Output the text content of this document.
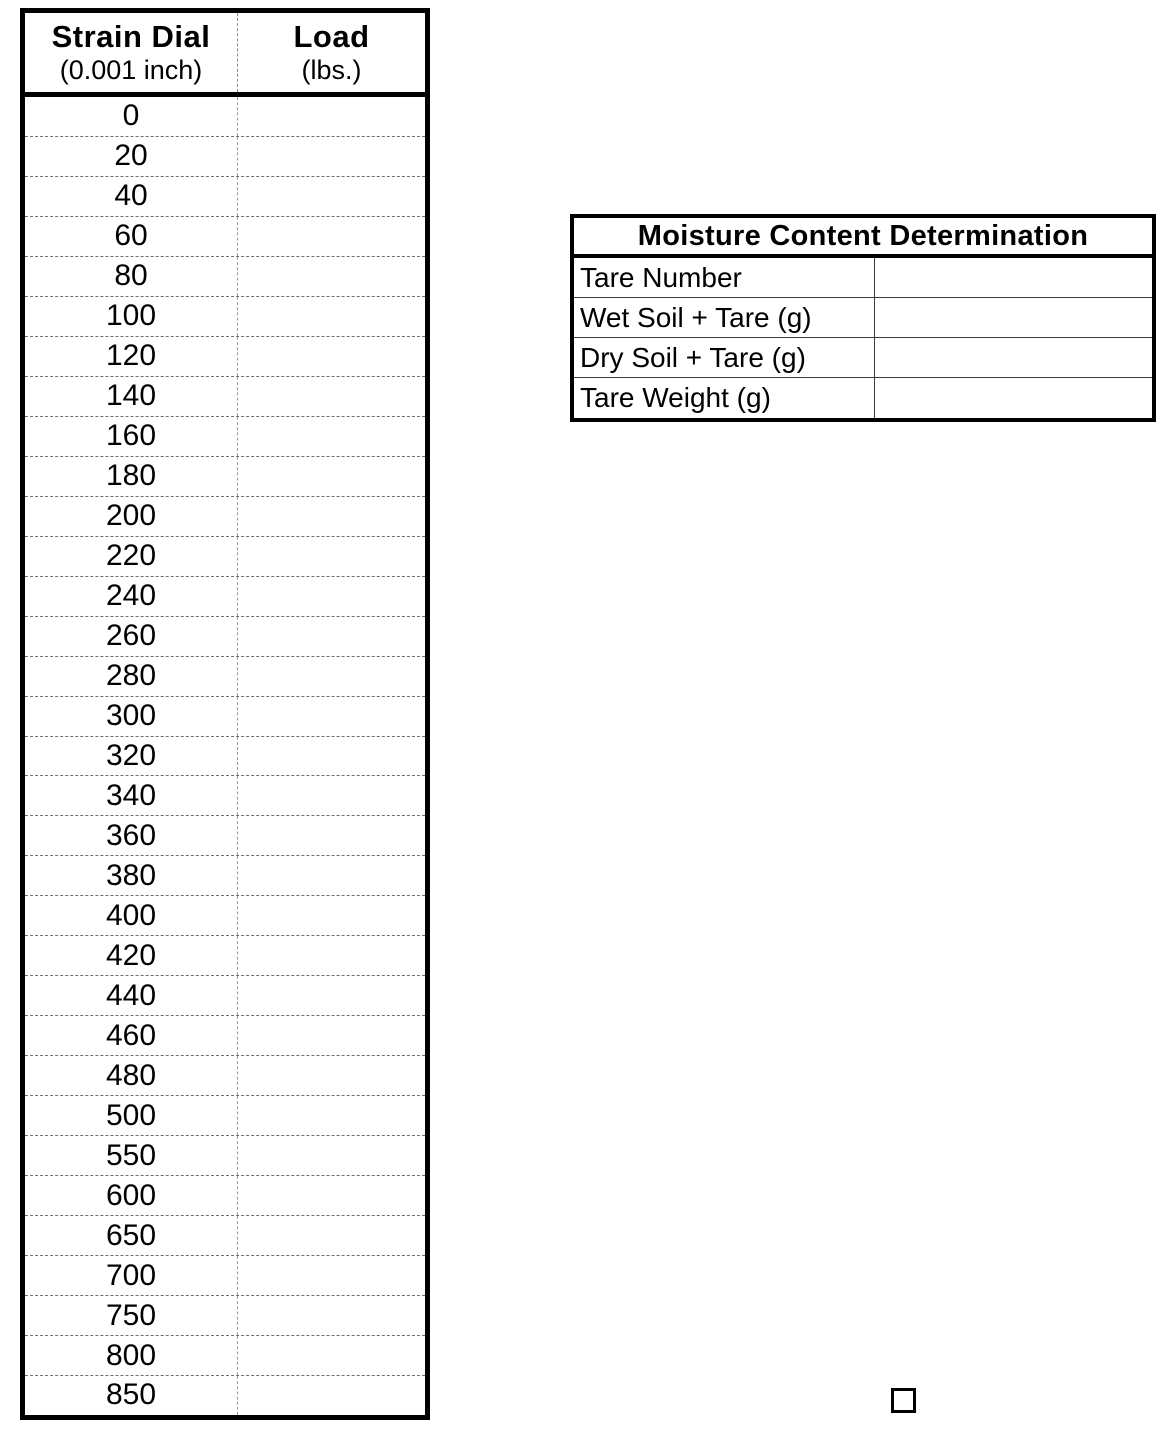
Strain Dial
(0.001 inch)
Load
(lbs.)
0
20
40
60
80
100
120
140
160
180
200
220
240
260
280
300
320
340
360
380
400
420
440
460
480
500
550
600
650
700
750
800
850
Moisture Content Determination
Tare Number
Wet Soil + Tare (g)
Dry Soil + Tare (g)
Tare Weight (g)
